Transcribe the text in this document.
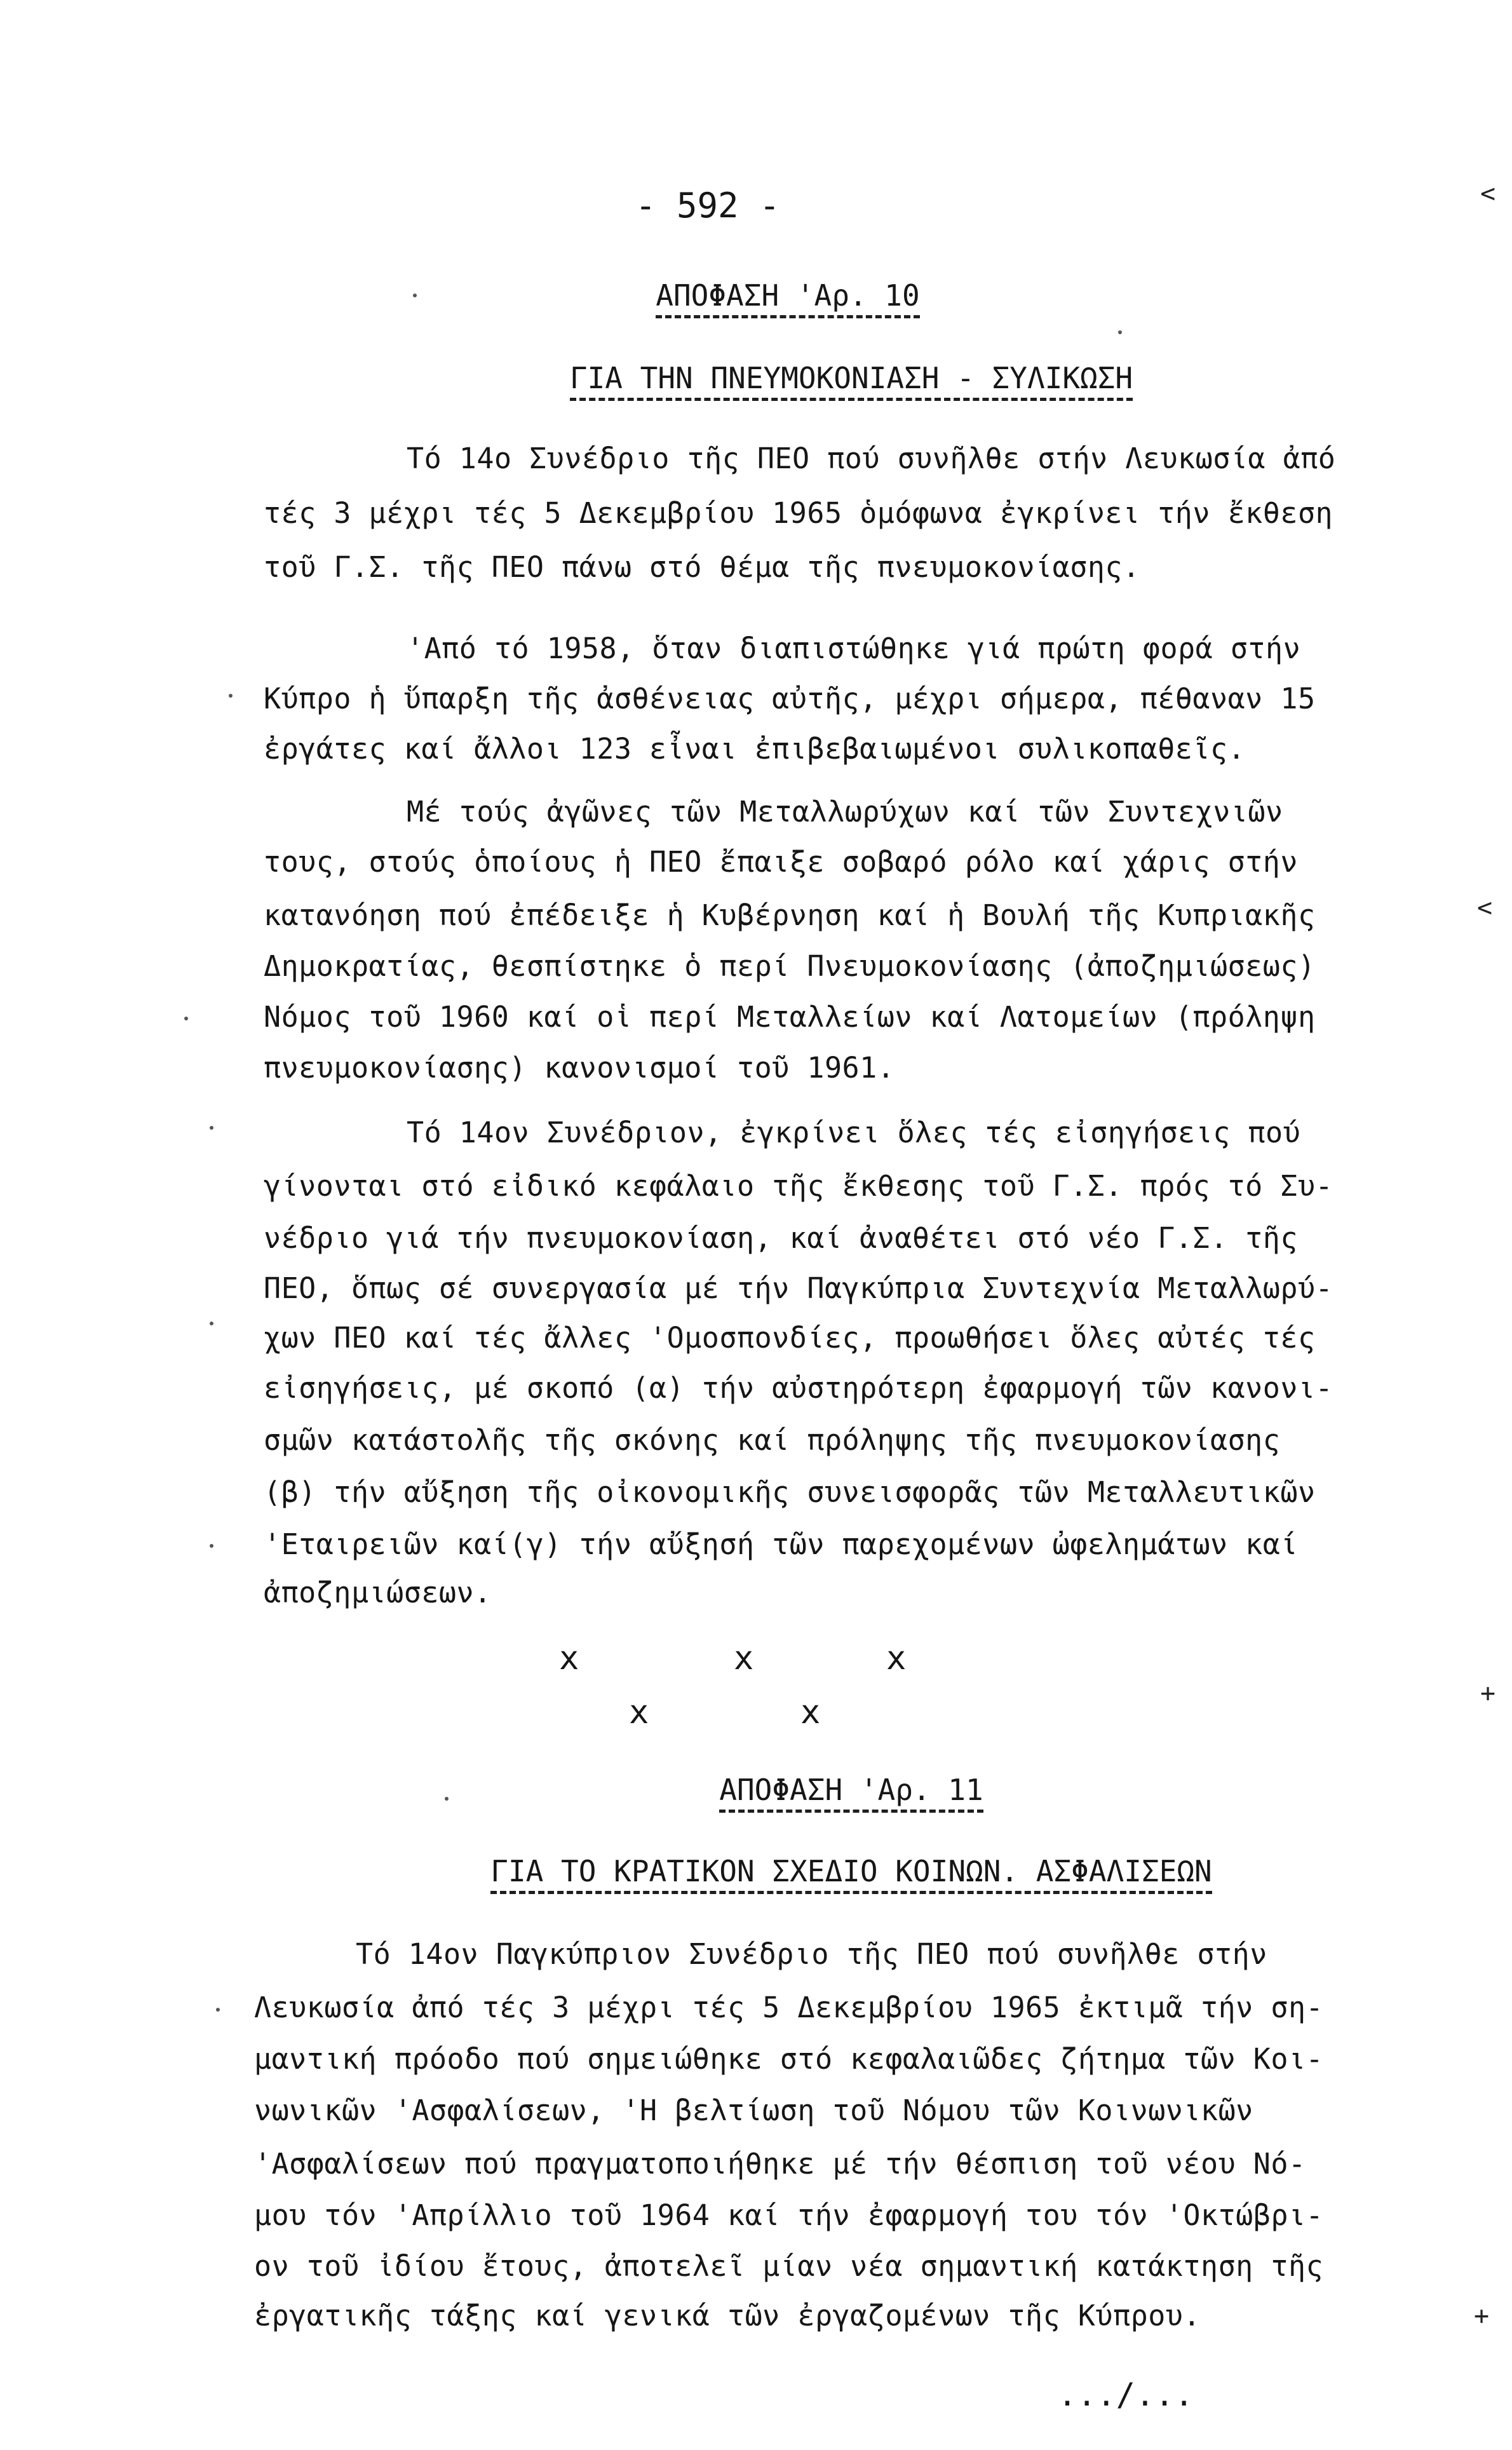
- 592 -
ΑΠΟΦΑΣΗ 'Αρ. 10
ΓΙΑ ΤΗΝ ΠΝΕΥΜΟΚΟΝΙΑΣΗ - ΣΥΛΙΚΩΣΗ
Τό 14ο Συνέδριο τῆς ΠΕΟ πού συνῆλθε στήν Λευκωσία ἀπό
τές 3 μέχρι τές 5 Δεκεμβρίου 1965 ὁμόφωνα ἐγκρίνει τήν ἔκθεση
τοῦ Γ.Σ. τῆς ΠΕΟ πάνω στό θέμα τῆς πνευμοκονίασης.
'Από τό 1958, ὅταν διαπιστώθηκε γιά πρώτη φορά στήν
Κύπρο ἡ ὕπαρξη τῆς ἀσθένειας αὐτῆς, μέχρι σήμερα, πέθαναν 15
ἐργάτες καί ἄλλοι 123 εἶναι ἐπιβεβαιωμένοι συλικοπαθεῖς.
Μέ τούς ἀγῶνες τῶν Μεταλλωρύχων καί τῶν Συντεχνιῶν
τους, στούς ὁποίους ἡ ΠΕΟ ἔπαιξε σοβαρό ρόλο καί χάρις στήν
κατανόηση πού ἐπέδειξε ἡ Κυβέρνηση καί ἡ Βουλή τῆς Κυπριακῆς
Δημοκρατίας, θεσπίστηκε ὁ περί Πνευμοκονίασης (ἀποζημιώσεως)
Νόμος τοῦ 1960 καί οἱ περί Μεταλλείων καί Λατομείων (πρόληψη
πνευμοκονίασης) κανονισμοί τοῦ 1961.
Τό 14ον Συνέδριον, ἐγκρίνει ὅλες τές εἰσηγήσεις πού
γίνονται στό εἰδικό κεφάλαιο τῆς ἔκθεσης τοῦ Γ.Σ. πρός τό Συ-
νέδριο γιά τήν πνευμοκονίαση, καί ἀναθέτει στό νέο Γ.Σ. τῆς
ΠΕΟ, ὅπως σέ συνεργασία μέ τήν Παγκύπρια Συντεχνία Μεταλλωρύ-
χων ΠΕΟ καί τές ἄλλες 'Ομοσπονδίες, προωθήσει ὅλες αὐτές τές
εἰσηγήσεις, μέ σκοπό (α) τήν αὐστηρότερη ἐφαρμογή τῶν κανονι-
σμῶν κατάστολῆς τῆς σκόνης καί πρόληψης τῆς πνευμοκονίασης
(β) τήν αὔξηση τῆς οἰκονομικῆς συνεισφορᾶς τῶν Μεταλλευτικῶν
'Εταιρειῶν καί(γ) τήν αὔξησή τῶν παρεχομένων ὠφελημάτων καί
ἀποζημιώσεων.
x	x	x
x	x
ΑΠΟΦΑΣΗ 'Αρ. 11
ΓΙΑ ΤΟ ΚΡΑΤΙΚΟΝ ΣΧΕΔΙΟ ΚΟΙΝΩΝ. ΑΣΦΑΛΙΣΕΩΝ
Τό 14ον Παγκύπριον Συνέδριο τῆς ΠΕΟ πού συνῆλθε στήν
Λευκωσία ἀπό τές 3 μέχρι τές 5 Δεκεμβρίου 1965 ἐκτιμᾶ τήν ση-
μαντική πρόοδο πού σημειώθηκε στό κεφαλαιῶδες ζήτημα τῶν Κοι-
νωνικῶν 'Ασφαλίσεων, 'Η βελτίωση τοῦ Νόμου τῶν Κοινωνικῶν
'Ασφαλίσεων πού πραγματοποιήθηκε μέ τήν θέσπιση τοῦ νέου Νό-
μου τόν 'Απρίλλιο τοῦ 1964 καί τήν ἐφαρμογή του τόν 'Οκτώβρι-
ον τοῦ ἰδίου ἔτους, ἀποτελεῖ μίαν νέα σημαντική κατάκτηση τῆς
ἐργατικῆς τάξης καί γενικά τῶν ἐργαζομένων τῆς Κύπρου.
.../...
<
<
+
+
